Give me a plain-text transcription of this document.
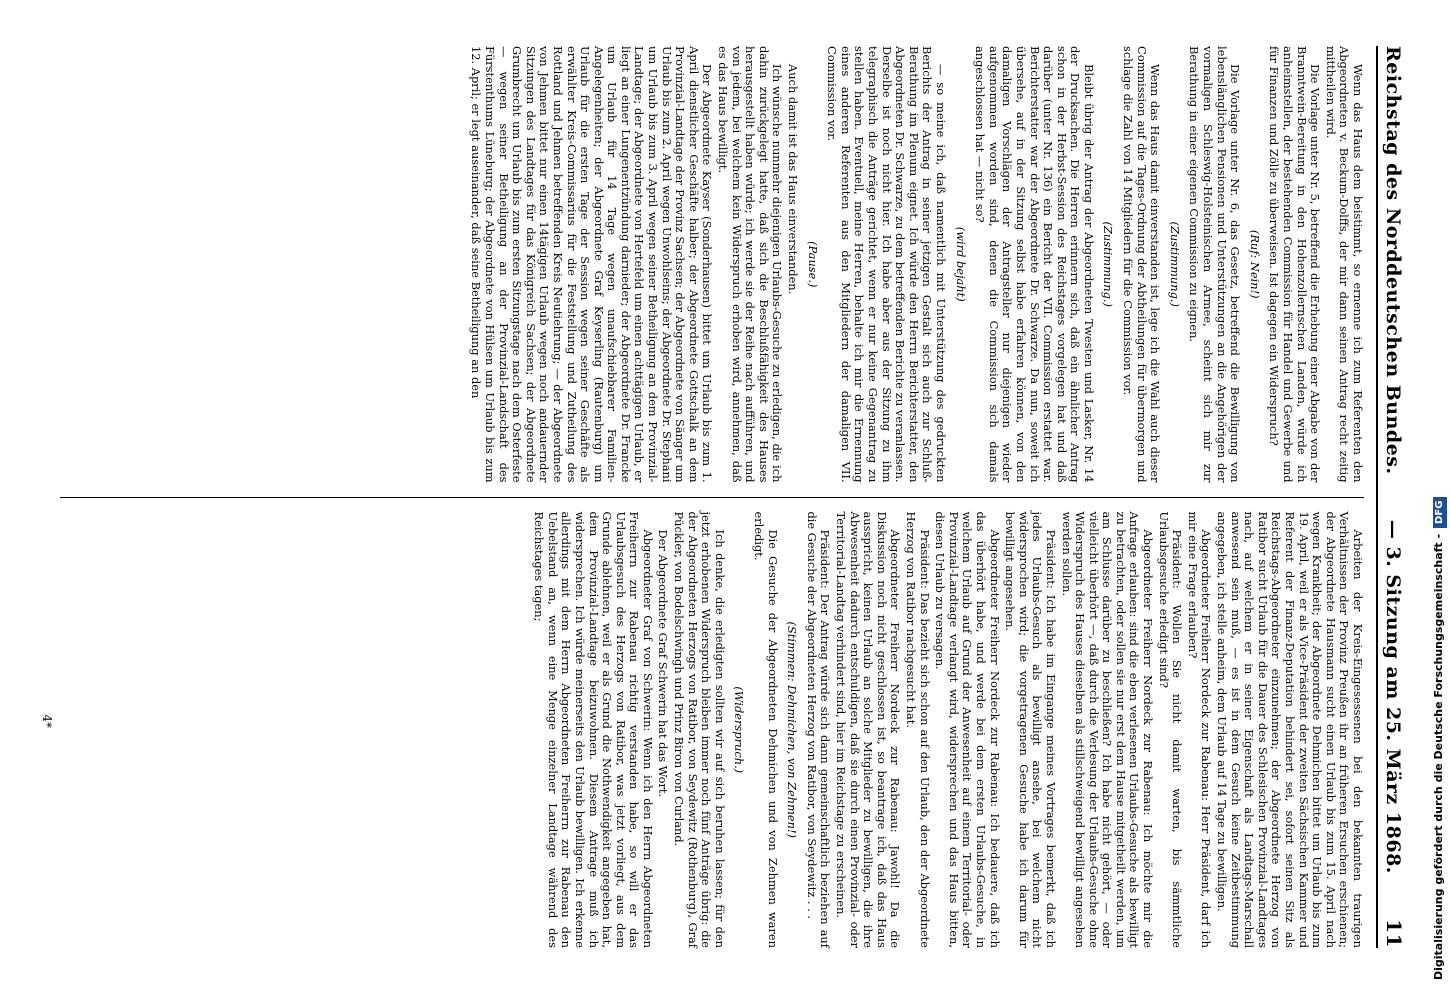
Reichstag des Norddeutschen Bundes.
— 3. Sitzung am 25. März 1868.
11

Wenn das Haus dem beistimmt, so ernenne ich zum Referenten den Abgeordneten v. Beckum-Dolffs, der mir dann seinen Antrag recht zeitig mittheilen wird.

Die Vorlage unter Nr. 5, betreffend die Erhebung einer Abgabe von der Branntwein-Bereitung in den Hohenzollernschen Landen, würde ich anheimstellen, der bestehenden Commission für Handel und Gewerbe und für Finanzen und Zölle zu überweisen. Ist dagegen ein Widerspruch?

(Ruf: Nein!)

Die Vorlage unter Nr. 6, das Gesetz, betreffend die Bewilligung von lebenslänglichen Pensionen und Unterstützungen an die Angehörigen der vormaligen Schleswig-Holsteinischen Armee, scheint sich mir zur Berathung in einer eigenen Commission zu eignen.

(Zustimmung.)

Wenn das Haus damit einverstanden ist, lege ich die Wahl auch dieser Commission auf die Tages-Ordnung der Abtheilungen für übermorgen und schlage die Zahl von 14 Mitgliedern für die Commission vor.

(Zustimmung.)

Bleibt übrig der Antrag der Abgeordneten Twesten und Lasker, Nr. 14 der Drucksachen. Die Herren erinnern sich, daß ein ähnlicher Antrag schon in der Herbst-Session des Reichstages vorgelegen hat und daß darüber (unter Nr. 136) ein Bericht der VII. Commission erstattet war. Berichterstatter war der Abgeordnete Dr. Schwarze. Da nun, soweit ich übersehe, auf in der Sitzung selbst habe erfahren können, von den damaligen Vorschlägen der Antragsteller nur diejenigen wieder aufgenommen worden sind, denen die Commission sich damals angeschlossen hat — nicht so?

(wird bejaht)

— so meine ich, daß namentlich mit Unterstützung des gedruckten Berichts der Antrag in seiner jetzigen Gestalt sich auch zur Schluß-Berathung im Plenum eignet. Ich würde den Herrn Berichterstatter, den Abgeordneten Dr. Schwarze, zu dem betreffenden Berichte zu veranlassen. Derselbe ist noch nicht hier. Ich habe aber aus der Sitzung zu ihm telegraphisch die Anträge gerichtet, wenn er nur keine Gegenantrag zu stellen haben. Eventuell, meine Herren, behalte ich mir die Ernennung eines anderen Referenten aus den Mitgliedern der damaligen VII. Commission vor.

(Pause.)

Auch damit ist das Haus einverstanden.

Ich wünsche nunmehr diejenigen Urlaubs-Gesuche zu erledigen, die ich dahin zurückgelegt hatte, daß sich die Beschlußfähigkeit des Hauses herausgestellt haben würde; ich werde sie der Reihe nach aufführen, und von jedem, bei welchem kein Widerspruch erhoben wird, annehmen, daß es das Haus bewilligt.

Der Abgeordnete Kayser (Sonderhausen) bittet um Urlaub bis zum 1. April dienstlicher Geschäfte halber; der Abgeordnete Gottschalk an dem Provinzial-Landtage der Provinz Sachsen; der Abgeordnete von Sänger um Urlaub bis zum 2. April wegen Unwohlseins; der Abgeordnete Dr. Stephani um Urlaub bis zum 3. April wegen seiner Betheiligung an dem Provinzial-Landtage; der Abgeordnete von Hertefeld um einen achttägigen Urlaub, er liegt an einer Lungenentzündung darnieder; der Abgeordnete Dr. Francke um Urlaub für 14 Tage wegen unaufschiebbarer Familien-Angelegenheiten; der Abgeordnete Graf Keyserling (Rautenburg) um Urlaub für die ersten Tage der Session wegen seiner Geschäfte als erwählter Kreis-Commissarius für die Feststellung und Zutheilung des Rottland und Jehmen betreffenden Kreis Neutiehrung; — der Abgeordnete von Jehmen bittet nur einen 14tägigen Urlaub wegen noch andauernder Sitzungen des Landtages für das Königreich Sachsen; der Abgeordnete Grumbrecht um Urlaub bis zum ersten Sitzungstage nach dem Osterfeste — wegen seiner Betheiligung an der Provinzial-Landschaft des Fürstenthums Lüneburg; der Abgeordnete von Hülsen um Urlaub bis zum 12. April; er legt auseinander, daß seine Betheiligung an den

Arbeiten der Kreis-Eingesessenen bei den bekannten traurigen Verhältnissen der Provinz Preußen ihr an früheren Ersuchen erschienen; der Abgeordnete Hausmann sucht einen Urlaub bis zum 15. April nach wegen Krankheit; der Abgeordnete Dehmichen bittet um Urlaub bis zum 19. April, weil er als Vice-Präsident der zweiten Sächsischen Kammer und Referent der Finanz-Deputation behindert sei, sofort seinen Sitz als Reichstags-Abgeordneter einzunehmen; der Abgeordnete Herzog von Ratibor sucht Urlaub für die Dauer des Schlesischen Provinzial-Landtages nach, auf welchem er in seiner Eigenschaft als Landtags-Marschall anwesend sein muß, — es ist in dem Gesuch keine Zeitbestimmung angegeben, ich stelle anheim, dem Urlaub auf 14 Tage zu bewilligen.

Abgeordneter Freiherr Nordeck zur Rabenau: Herr Präsident, darf ich mir eine Frage erlauben?

Präsident: Wollen Sie nicht damit warten, bis sämmtliche Urlaubsgesuche erledigt sind?

Abgeordneter Freiherr Nordeck zur Rabenau: Ich möchte mir die Anfrage erlauben: sind die eben verlesenen Urlaubs-Gesuche als bewilligt zu betrachten, oder sollen sie nur erst dem Hause mitgetheilt werden, um am Schlusse darüber zu beschließen? Ich habe nicht gehört, — oder vielleicht überhört —, daß durch die Verlesung der Urlaubs-Gesuche ohne Widerspruch des Hauses dieselben als stillschweigend bewilligt angesehen werden sollen.

Präsident: Ich habe im Eingange meines Vortrages bemerkt, daß ich jedes Urlaubs-Gesuch als bewilligt ansehe, bei welchem nicht widersprochen wird; die vorgetragenen Gesuche habe ich darum für bewilligt angesehen.

Abgeordneter Freiherr Nordeck zur Rabenau: Ich bedauere, daß ich das überhört habe, und werde bei dem ersten Urlaubs-Gesuche, in welchem Urlaub auf Grund der Anwesenheit auf einem Territorial- oder Provinzial-Landtage verlangt wird, widersprechen und das Haus bitten, diesen Urlaub zu versagen.

Präsident: Das bezieht sich schon auf den Urlaub, den der Abgeordnete Herzog von Ratibor nachgesucht hat.

Abgeordneter Freiherr Nordeck zur Rabenau: Jawohl! Da die Diskussion noch nicht geschlossen ist, so beantrage ich, daß das Haus ausspricht, keinen Urlaub an solche Mitglieder zu bewilligen, die ihre Abwesenheit dadurch entschuldigen, daß sie durch einen Provinzial- oder Territorial-Landtag verhindert sind, hier im Reichstage zu erscheinen.

Präsident: Der Antrag würde sich dann gemeinschaftlich beziehen auf die Gesuche der Abgeordneten Herzog von Ratibor, von Seydewitz . . .

(Stimmen: Dehmichen, von Zehmen!)

Die Gesuche der Abgeordneten Dehmichen und von Zehmen waren erledigt.

(Widerspruch.)

Ich denke, die erledigten sollten wir auf sich beruhen lassen; für den jetzt erhobenen Widerspruch bleiben immer noch fünf Anträge übrig: die der Abgeordneten Herzogs von Ratibor, von Seydewitz (Rothenburg), Graf Pückler, von Bodelschwingh und Prinz Biron von Curland.

Der Abgeordnete Graf Schwerin hat das Wort.

Abgeordneter Graf von Schwerin: Wenn ich den Herrn Abgeordneten Freiherrn zur Rabenau richtig verstanden habe, so will er das Urlaubsgesuch des Herzogs von Ratibor, was jetzt vorliegt, aus dem Grunde ablehnen, weil er als Grund die Nothwendigkeit angegeben hat, dem Provinzial-Landtage beizuwohnen. Diesem Antrage muß ich widersprechen. Ich würde meinerseits den Urlaub bewilligen. Ich erkenne allerdings mit dem Herrn Abgeordneten Freiherrn zur Rabenau den Uebelstand an, wenn eine Menge einzelner Landtage während des Reichstages tagen;

4*	Digitalisierung gefördert durch die Deutsche Forschungsgemeinschaft -DFG
